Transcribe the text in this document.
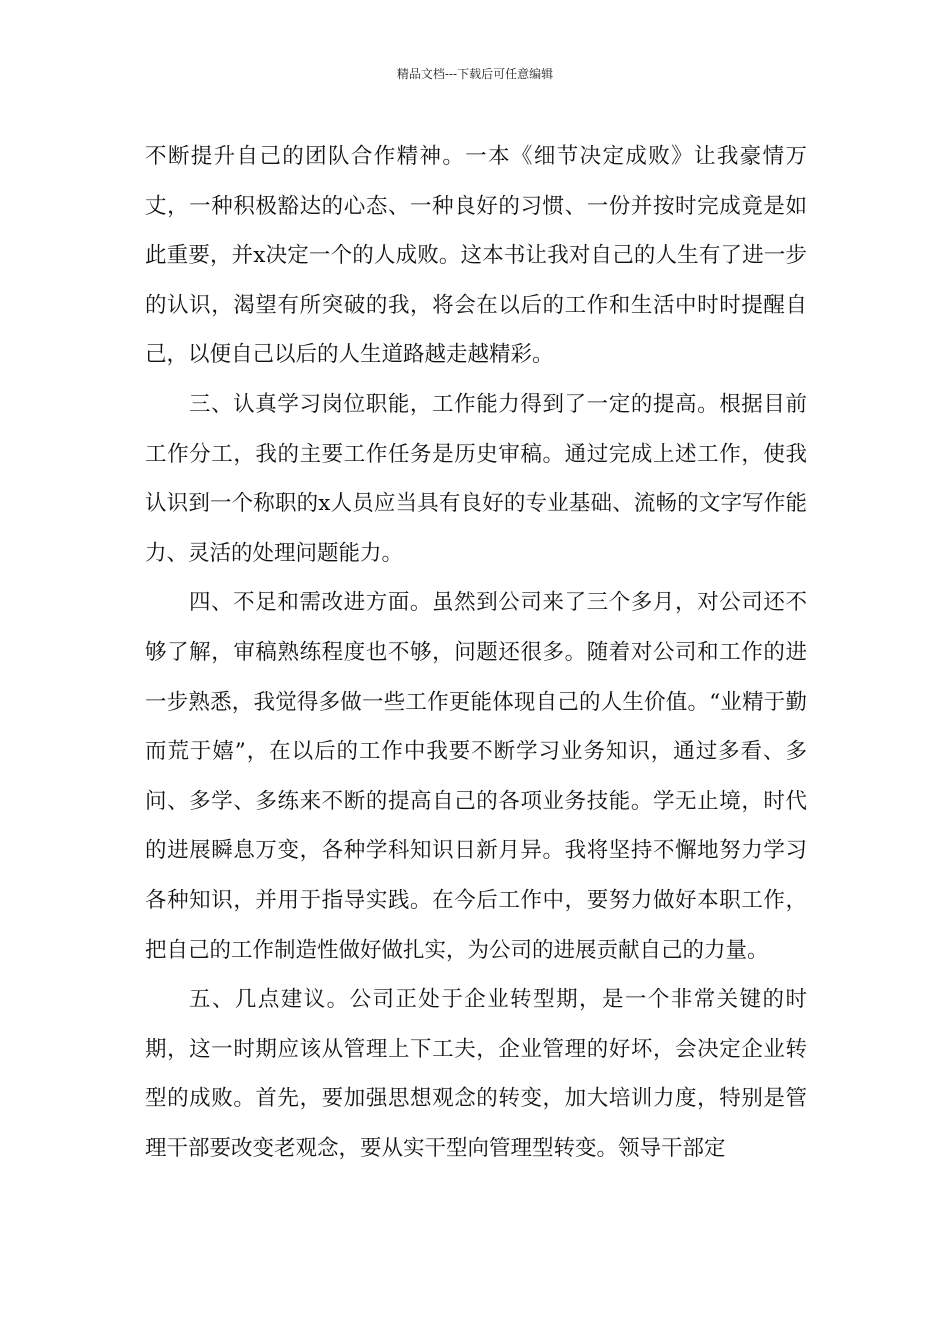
精品文档---下载后可任意编辑

不断提升自己的团队合作精神。一本《细节决定成败》让我豪情万丈，一种积极豁达的心态、一种良好的习惯、一份并按时完成竟是如此重要，并x决定一个的人成败。这本书让我对自己的人生有了进一步的认识，渴望有所突破的我，将会在以后的工作和生活中时时提醒自己，以便自己以后的人生道路越走越精彩。

三、认真学习岗位职能，工作能力得到了一定的提高。根据目前工作分工，我的主要工作任务是历史审稿。通过完成上述工作，使我认识到一个称职的x人员应当具有良好的专业基础、流畅的文字写作能力、灵活的处理问题能力。

四、不足和需改进方面。虽然到公司来了三个多月，对公司还不够了解，审稿熟练程度也不够，问题还很多。随着对公司和工作的进一步熟悉，我觉得多做一些工作更能体现自己的人生价值。“业精于勤而荒于嬉”，在以后的工作中我要不断学习业务知识，通过多看、多问、多学、多练来不断的提高自己的各项业务技能。学无止境，时代的进展瞬息万变，各种学科知识日新月异。我将坚持不懈地努力学习各种知识，并用于指导实践。在今后工作中，要努力做好本职工作，把自己的工作制造性做好做扎实，为公司的进展贡献自己的力量。

五、几点建议。公司正处于企业转型期，是一个非常关键的时期，这一时期应该从管理上下工夫，企业管理的好坏，会决定企业转型的成败。首先，要加强思想观念的转变，加大培训力度，特别是管理干部要改变老观念，要从实干型向管理型转变。领导干部定
